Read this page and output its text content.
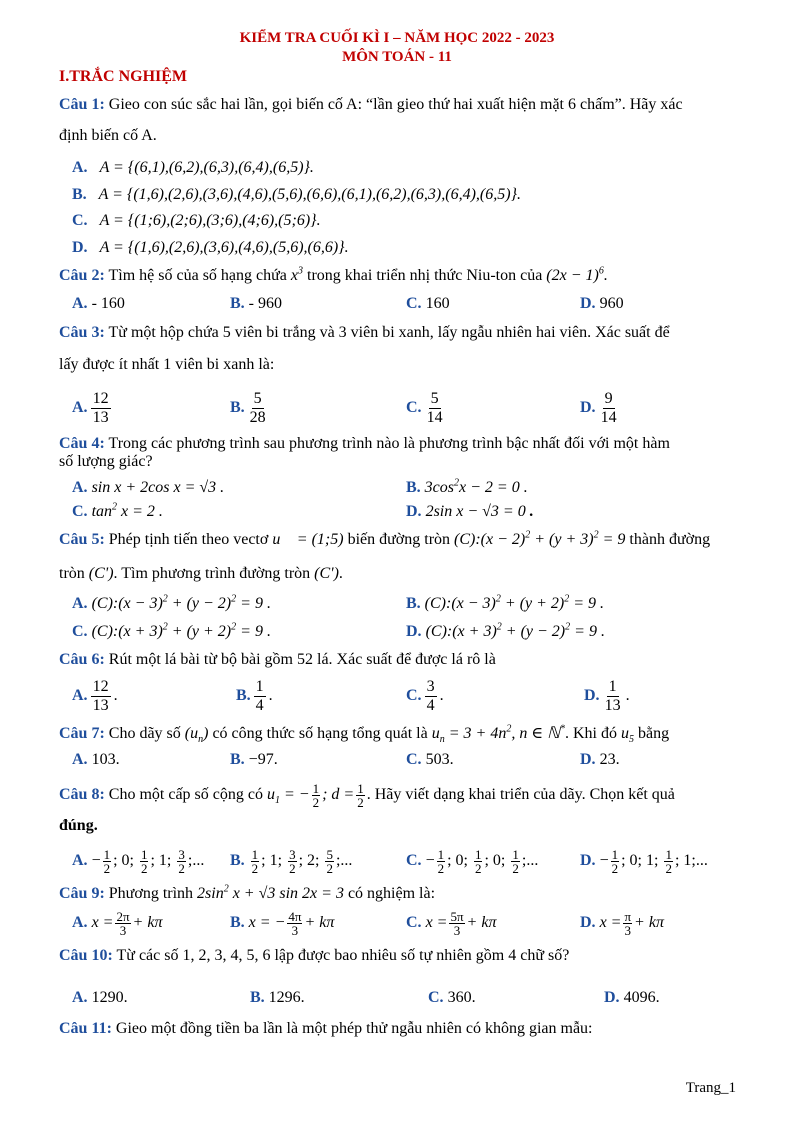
KIỂM TRA CUỐI KÌ I – NĂM HỌC 2022 - 2023
MÔN TOÁN - 11
I.TRẮC NGHIỆM
Câu 1: Gieo con súc sắc hai lần, gọi biến cố A: “lần gieo thứ hai xuất hiện mặt 6 chấm”. Hãy xác
định biến cố A.
A. A = {(6,1),(6,2),(6,3),(6,4),(6,5)}.
B. A = {(1,6),(2,6),(3,6),(4,6),(5,6),(6,6),(6,1),(6,2),(6,3),(6,4),(6,5)}.
C. A = {(1;6),(2;6),(3;6),(4;6),(5;6)}.
D. A = {(1,6),(2,6),(3,6),(4,6),(5,6),(6,6)}.
Câu 2: Tìm hệ số của số hạng chứa $x^3$ trong khai triển nhị thức Niu-ton của $(2x - 1)^6$.
A. - 160	B. - 960	C. 160	D. 960
Câu 3: Từ một hộp chứa 5 viên bi trắng và 3 viên bi xanh, lấy ngẫu nhiên hai viên. Xác suất để
lấy được ít nhất 1 viên bi xanh là:
A. $\frac{12}{13}$	B. $\frac{5}{28}$	C. $\frac{5}{14}$	D. $\frac{9}{14}$
Câu 4: Trong các phương trình sau phương trình nào là phương trình bậc nhất đối với một hàm
số lượng giác?
A. sin x + 2cos x = √3 .	B. $3\cos^2x - 2 = 0$ .
C. $\tan^2 x = 2$ .	D. 2sin x − √3 = 0 .
Câu 5: Phép tịnh tiến theo vectơ u⃗ = (1;5) biến đường tròn (C):(x − $2)^2 + (y + 3)^2 = 9$ thành đường
tròn (C'). Tìm phương trình đường tròn (C').
A. (C):(x − $3)^2 + (y - 2)^2 = 9$ .	B. (C):(x − $3)^2 + (y + 2)^2 = 9$ .
C. (C):(x + $3)^2 + (y + 2)^2 = 9$ .	D. (C):(x + $3)^2 + (y - 2)^2 = 9$ .
Câu 6: Rút một lá bài từ bộ bài gồm 52 lá. Xác suất để được lá rô là
A. $\frac{12}{13}$ .	B. $\frac{1}{4}$ .	C. $\frac{3}{4}$ .	D. $\frac{1}{13}$ .
Câu 7: Cho dãy số $(u_n)$ có công thức số hạng tổng quát là $u_n = 3 + 4n^2$, n ∈ ℕ*. Khi đó $u_5$ bằng
A. 103.	B. −97.	C. 503.	D. 23.
Câu 8: Cho một cấp số cộng có $u_1$ = − $\frac{1}{2}$ ; $d = \frac{1}{2}$ . Hãy viết dạng khai triển của dãy. Chọn kết quả
đúng.
A. − $\frac{1}{2}$ ; 0; $\frac{1}{2}$ ; 1; $\frac{3}{2}$ ;... B. $\frac{1}{2}$ ; 1; $\frac{3}{2}$ ; 2; $\frac{5}{2}$ ;...	C. − $\frac{1}{2}$ ; 0; $\frac{1}{2}$ ; 0; $\frac{1}{2}$ ;...	D. − $\frac{1}{2}$ ; 0; 1; $\frac{1}{2}$ ; 1;...
Câu 9: Phương trình $2\sin^2$ x + √3 sin 2x = 3 có nghiệm là:
A. $x = \frac{2\pi}{3} + k\pi$	B. x = − $\frac{4\pi}{3} + k\pi$	C. $x = \frac{5\pi}{3} + k\pi$	D. $x = \frac{\pi}{3} + k\pi$
Câu 10: Từ các số 1, 2, 3, 4, 5, 6 lập được bao nhiêu số tự nhiên gồm 4 chữ số?
A. 1290.	B. 1296.	C. 360.	D. 4096.
Câu 11: Gieo một đồng tiền ba lần là một phép thử ngẫu nhiên có không gian mẫu:
Trang_1
